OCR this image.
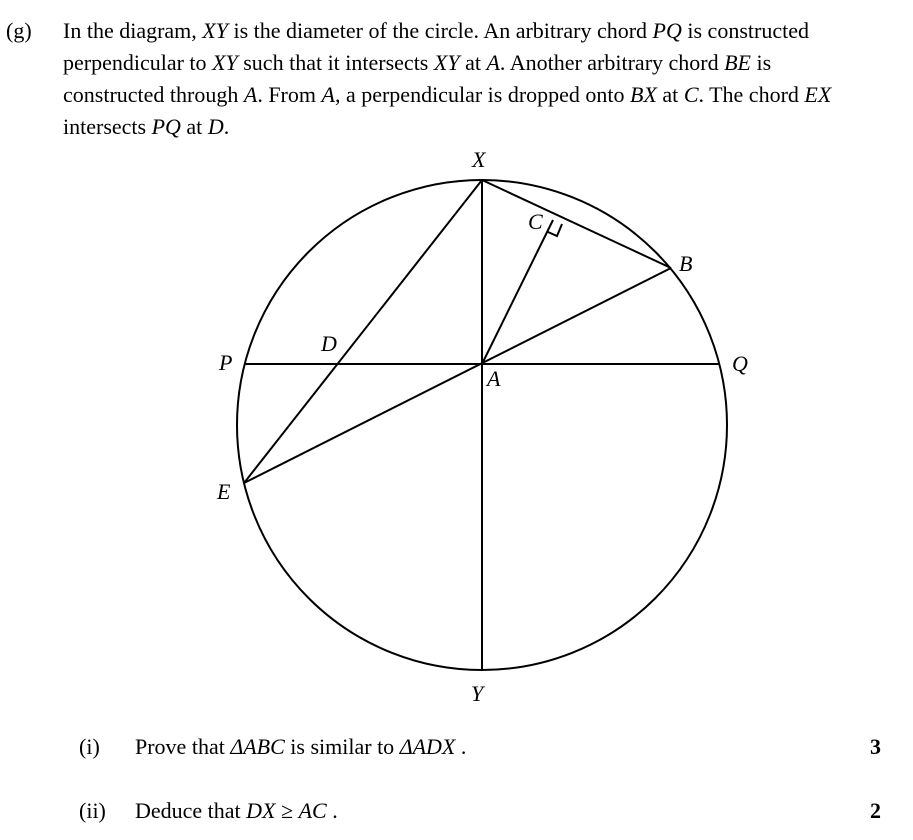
(g) In the diagram, XY is the diameter of the circle. An arbitrary chord PQ is constructed
perpendicular to XY such that it intersects XY at A. Another arbitrary chord BE is
constructed through A. From A, a perpendicular is dropped onto BX at C. The chord EX
intersects PQ at D.
X
Y
P	Q
A
B
C
D
E
(i) Prove that ΔABC is similar to ΔADX .	3
(ii) Deduce that DX ≥ AC .	2
